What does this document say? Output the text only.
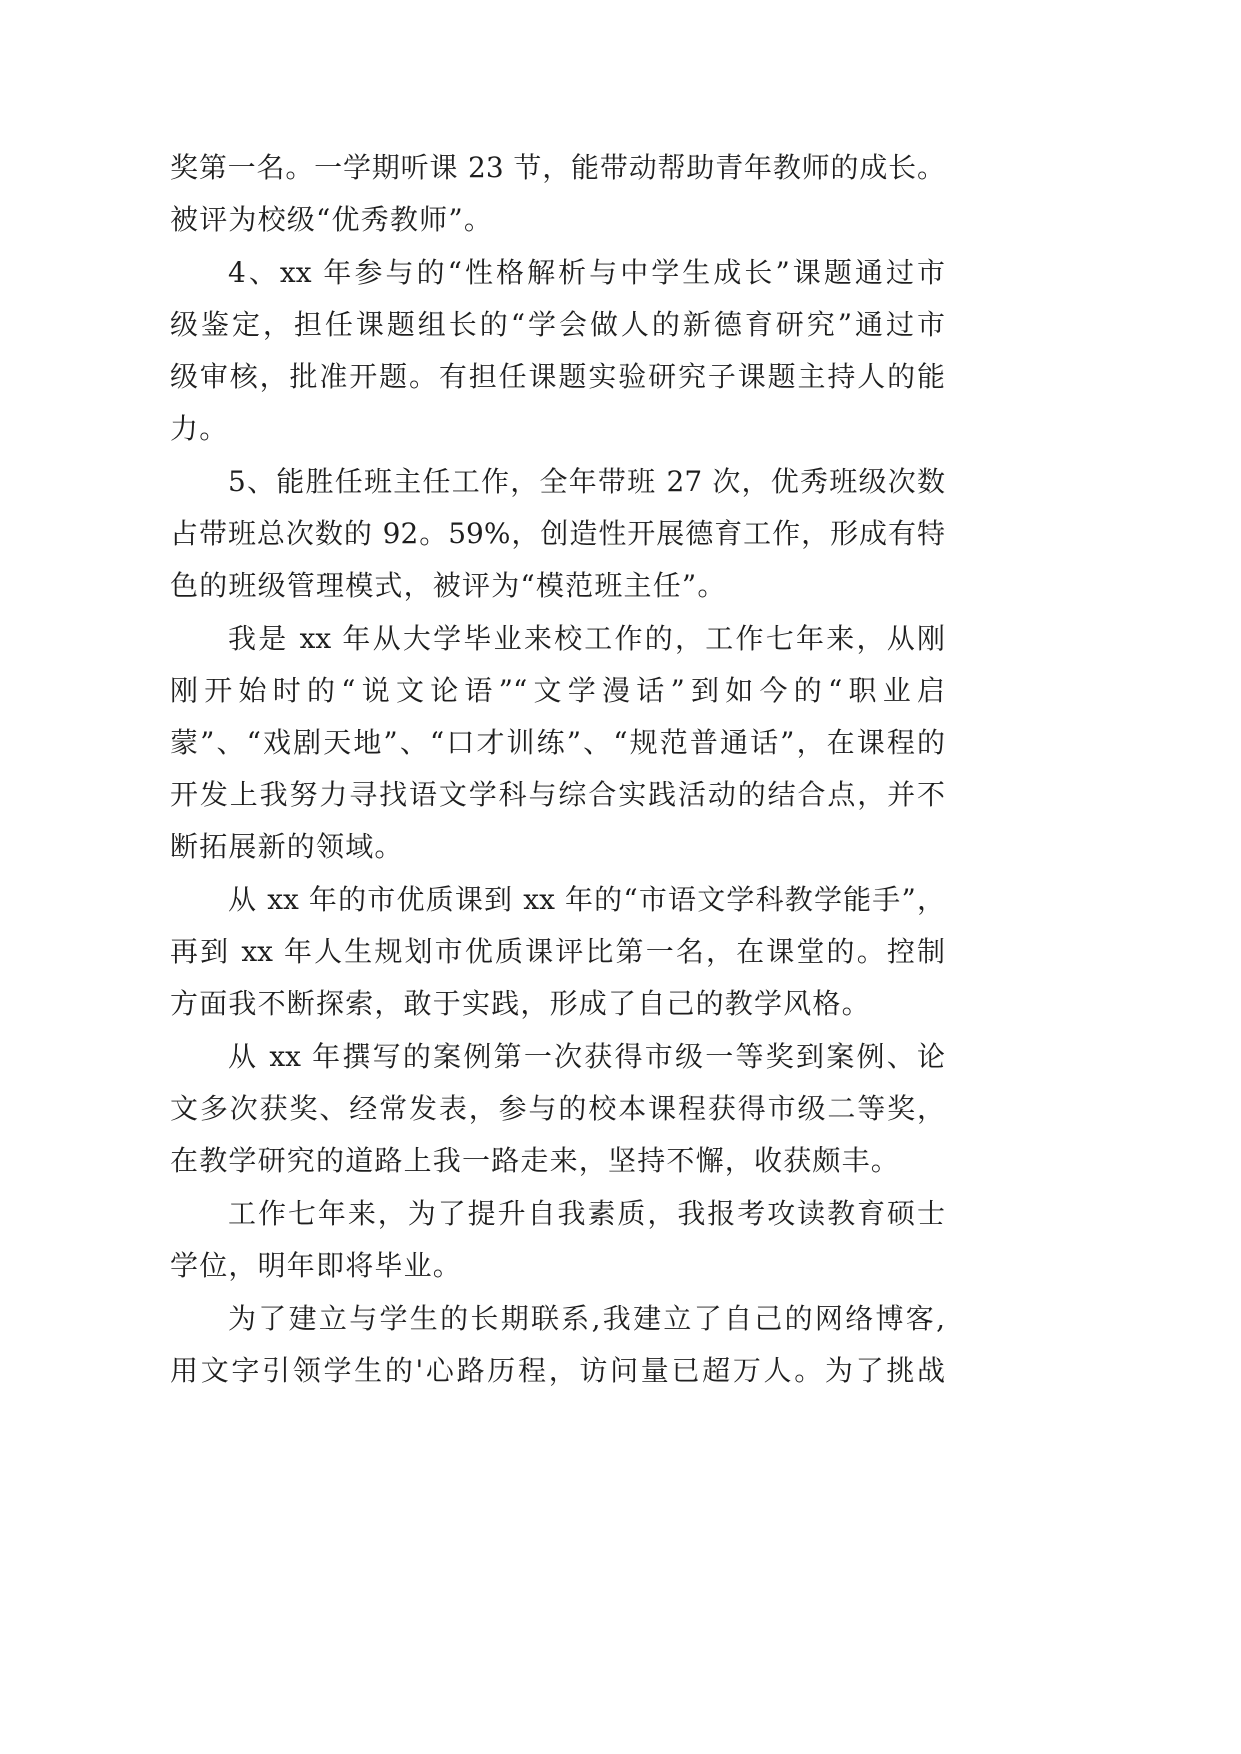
奖第一名。一学期听课 23 节，能带动帮助青年教师的成长。
被评为校级“优秀教师”。
4、xx 年参与的“性格解析与中学生成长”课题通过市
级鉴定，担任课题组长的“学会做人的新德育研究”通过市
级审核，批准开题。有担任课题实验研究子课题主持人的能
力。
5、能胜任班主任工作，全年带班 27 次，优秀班级次数
占带班总次数的 92。59%，创造性开展德育工作，形成有特
色的班级管理模式，被评为“模范班主任”。
我是 xx 年从大学毕业来校工作的，工作七年来，从刚
刚开始时的“说文论语”“文学漫话”到如今的“职业启
蒙”、“戏剧天地”、“口才训练”、“规范普通话”，在课程的
开发上我努力寻找语文学科与综合实践活动的结合点，并不
断拓展新的领域。
从 xx 年的市优质课到 xx 年的“市语文学科教学能手”，
再到 xx 年人生规划市优质课评比第一名，在课堂的。控制
方面我不断探索，敢于实践，形成了自己的教学风格。
从 xx 年撰写的案例第一次获得市级一等奖到案例、论
文多次获奖、经常发表，参与的校本课程获得市级二等奖，
在教学研究的道路上我一路走来，坚持不懈，收获颇丰。
工作七年来，为了提升自我素质，我报考攻读教育硕士
学位，明年即将毕业。
为了建立与学生的长期联系,我建立了自己的网络博客,
用文字引领学生的'心路历程，访问量已超万人。为了挑战
